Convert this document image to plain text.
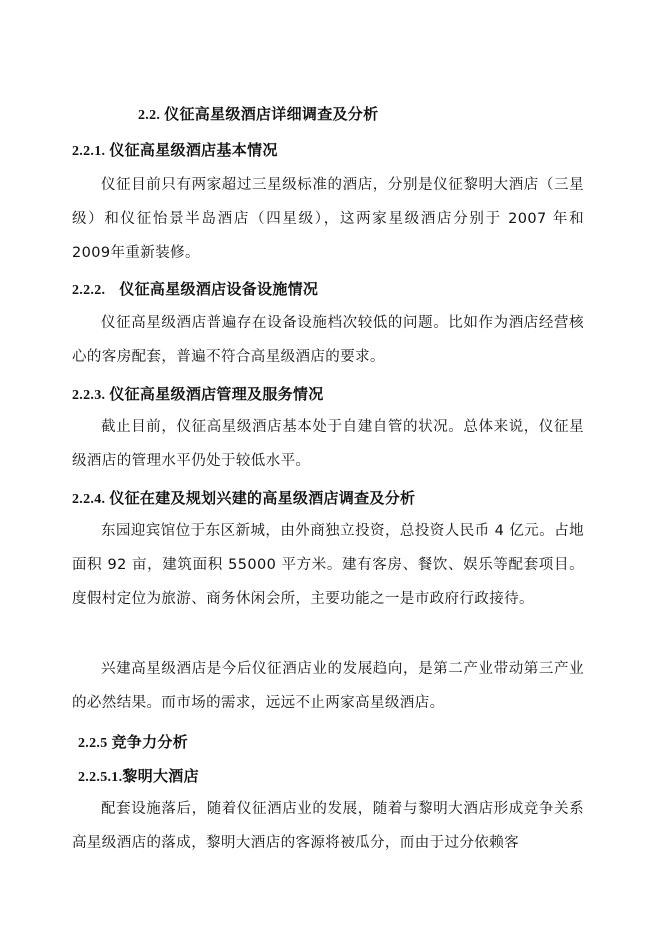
2.2. 仪征高星级酒店详细调查及分析
2.2.1. 仪征高星级酒店基本情况

仪征目前只有两家超过三星级标准的酒店，分别是仪征黎明大酒店（三星级）和仪征怡景半岛酒店（四星级），这两家星级酒店分别于 2007 年和 2009年重新装修。

2.2.2. 仪征高星级酒店设备设施情况

仪征高星级酒店普遍存在设备设施档次较低的问题。比如作为酒店经营核心的客房配套，普遍不符合高星级酒店的要求。

2.2.3. 仪征高星级酒店管理及服务情况

截止目前，仪征高星级酒店基本处于自建自管的状况。总体来说，仪征星级酒店的管理水平仍处于较低水平。

2.2.4. 仪征在建及规划兴建的高星级酒店调查及分析

东园迎宾馆位于东区新城，由外商独立投资，总投资人民币 4 亿元。占地面积 92 亩，建筑面积 55000 平方米。建有客房、餐饮、娱乐等配套项目。度假村定位为旅游、商务休闲会所，主要功能之一是市政府行政接待。

兴建高星级酒店是今后仪征酒店业的发展趋向，是第二产业带动第三产业的必然结果。而市场的需求，远远不止两家高星级酒店。

2.2.5 竞争力分析
2.2.5.1.黎明大酒店

配套设施落后，随着仪征酒店业的发展，随着与黎明大酒店形成竞争关系高星级酒店的落成，黎明大酒店的客源将被瓜分，而由于过分依赖客
